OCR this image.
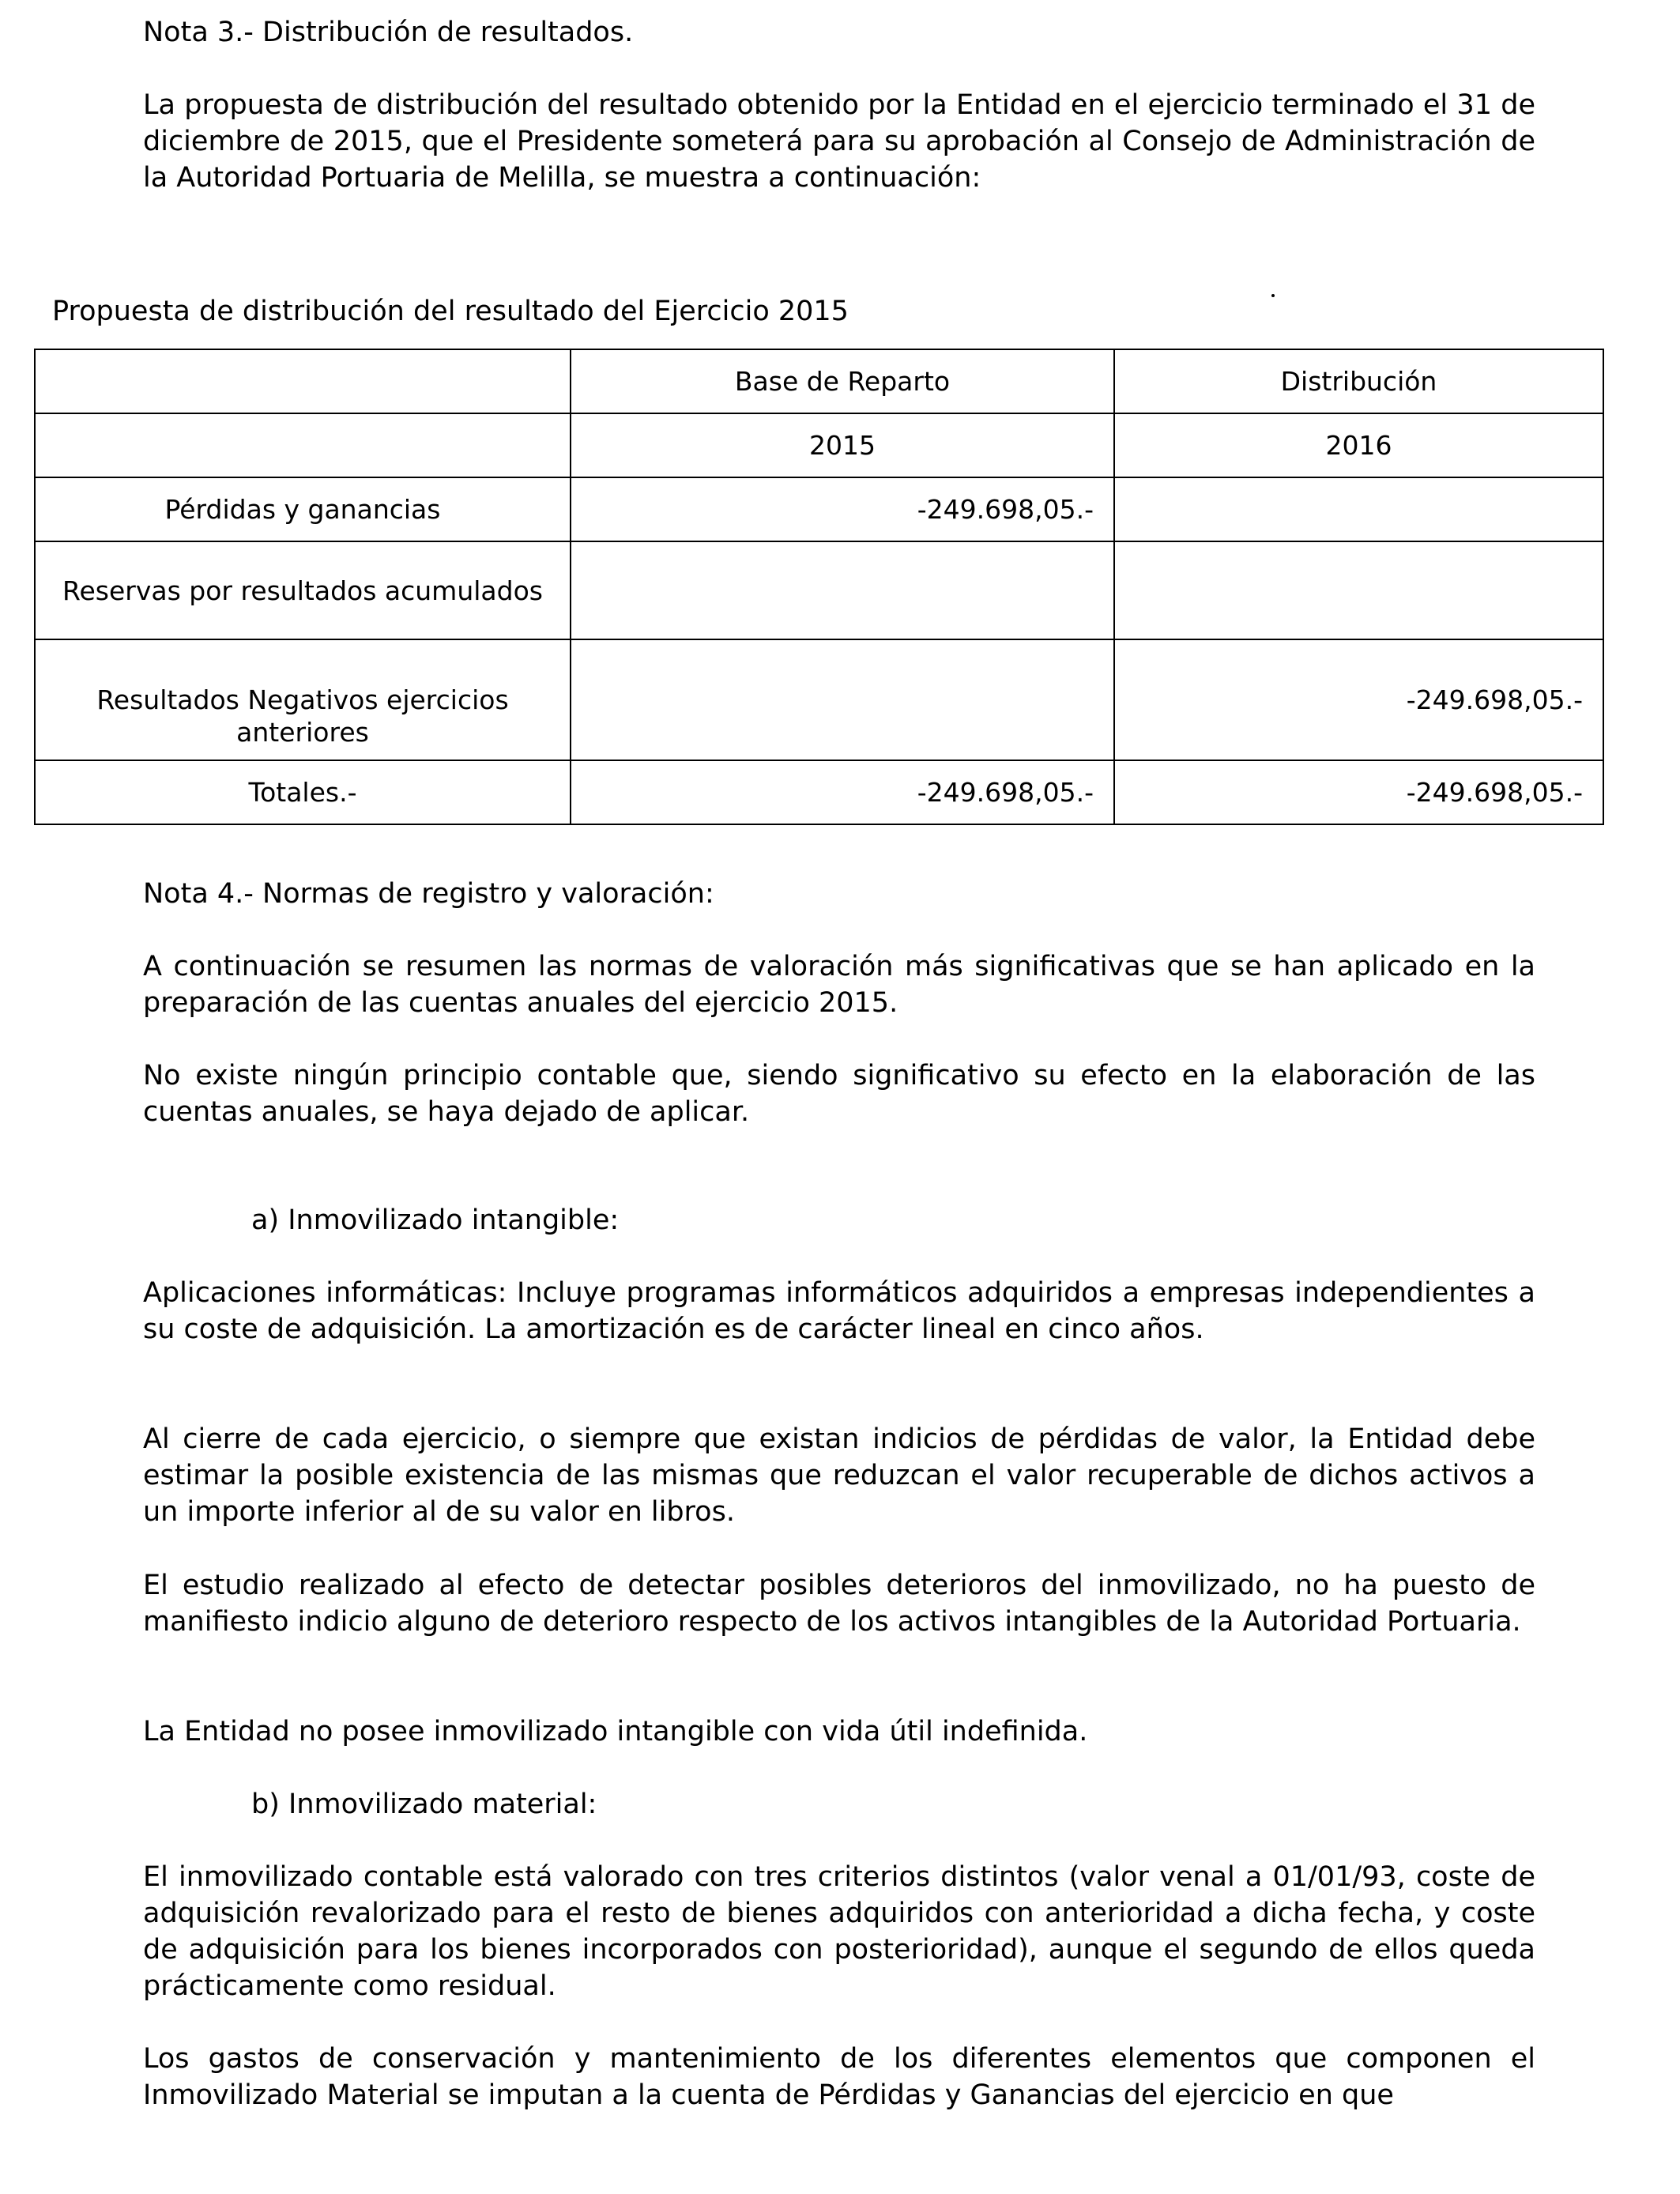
Nota 3.- Distribución de resultados.

La propuesta de distribución del resultado obtenido por la Entidad en el ejercicio terminado el 31 de diciembre de 2015, que el Presidente someterá para su aprobación al Consejo de Administración de la Autoridad Portuaria de Melilla, se muestra a continuación:

Propuesta de distribución del resultado del Ejercicio 2015

	Base de Reparto	Distribución
	2015	2016
Pérdidas y ganancias	-249.698,05.-	
Reservas por resultados acumulados		
Resultados Negativos ejercicios anteriores		-249.698,05.-
Totales.-	-249.698,05.-	-249.698,05.-

Nota 4.- Normas de registro y valoración:

A continuación se resumen las normas de valoración más significativas que se han aplicado en la preparación de las cuentas anuales del ejercicio 2015.

No existe ningún principio contable que, siendo significativo su efecto en la elaboración de las cuentas anuales, se haya dejado de aplicar.

a) Inmovilizado intangible:

Aplicaciones informáticas: Incluye programas informáticos adquiridos a empresas independientes a su coste de adquisición. La amortización es de carácter lineal en cinco años.

Al cierre de cada ejercicio, o siempre que existan indicios de pérdidas de valor, la Entidad debe estimar la posible existencia de las mismas que reduzcan el valor recuperable de dichos activos a un importe inferior al de su valor en libros.

El estudio realizado al efecto de detectar posibles deterioros del inmovilizado, no ha puesto de manifiesto indicio alguno de deterioro respecto de los activos intangibles de la Autoridad Portuaria.

La Entidad no posee inmovilizado intangible con vida útil indefinida.

b) Inmovilizado material:

El inmovilizado contable está valorado con tres criterios distintos (valor venal a 01/01/93, coste de adquisición revalorizado para el resto de bienes adquiridos con anterioridad a dicha fecha, y coste de adquisición para los bienes incorporados con posterioridad), aunque el segundo de ellos queda prácticamente como residual.

Los gastos de conservación y mantenimiento de los diferentes elementos que componen el Inmovilizado Material se imputan a la cuenta de Pérdidas y Ganancias del ejercicio en que
